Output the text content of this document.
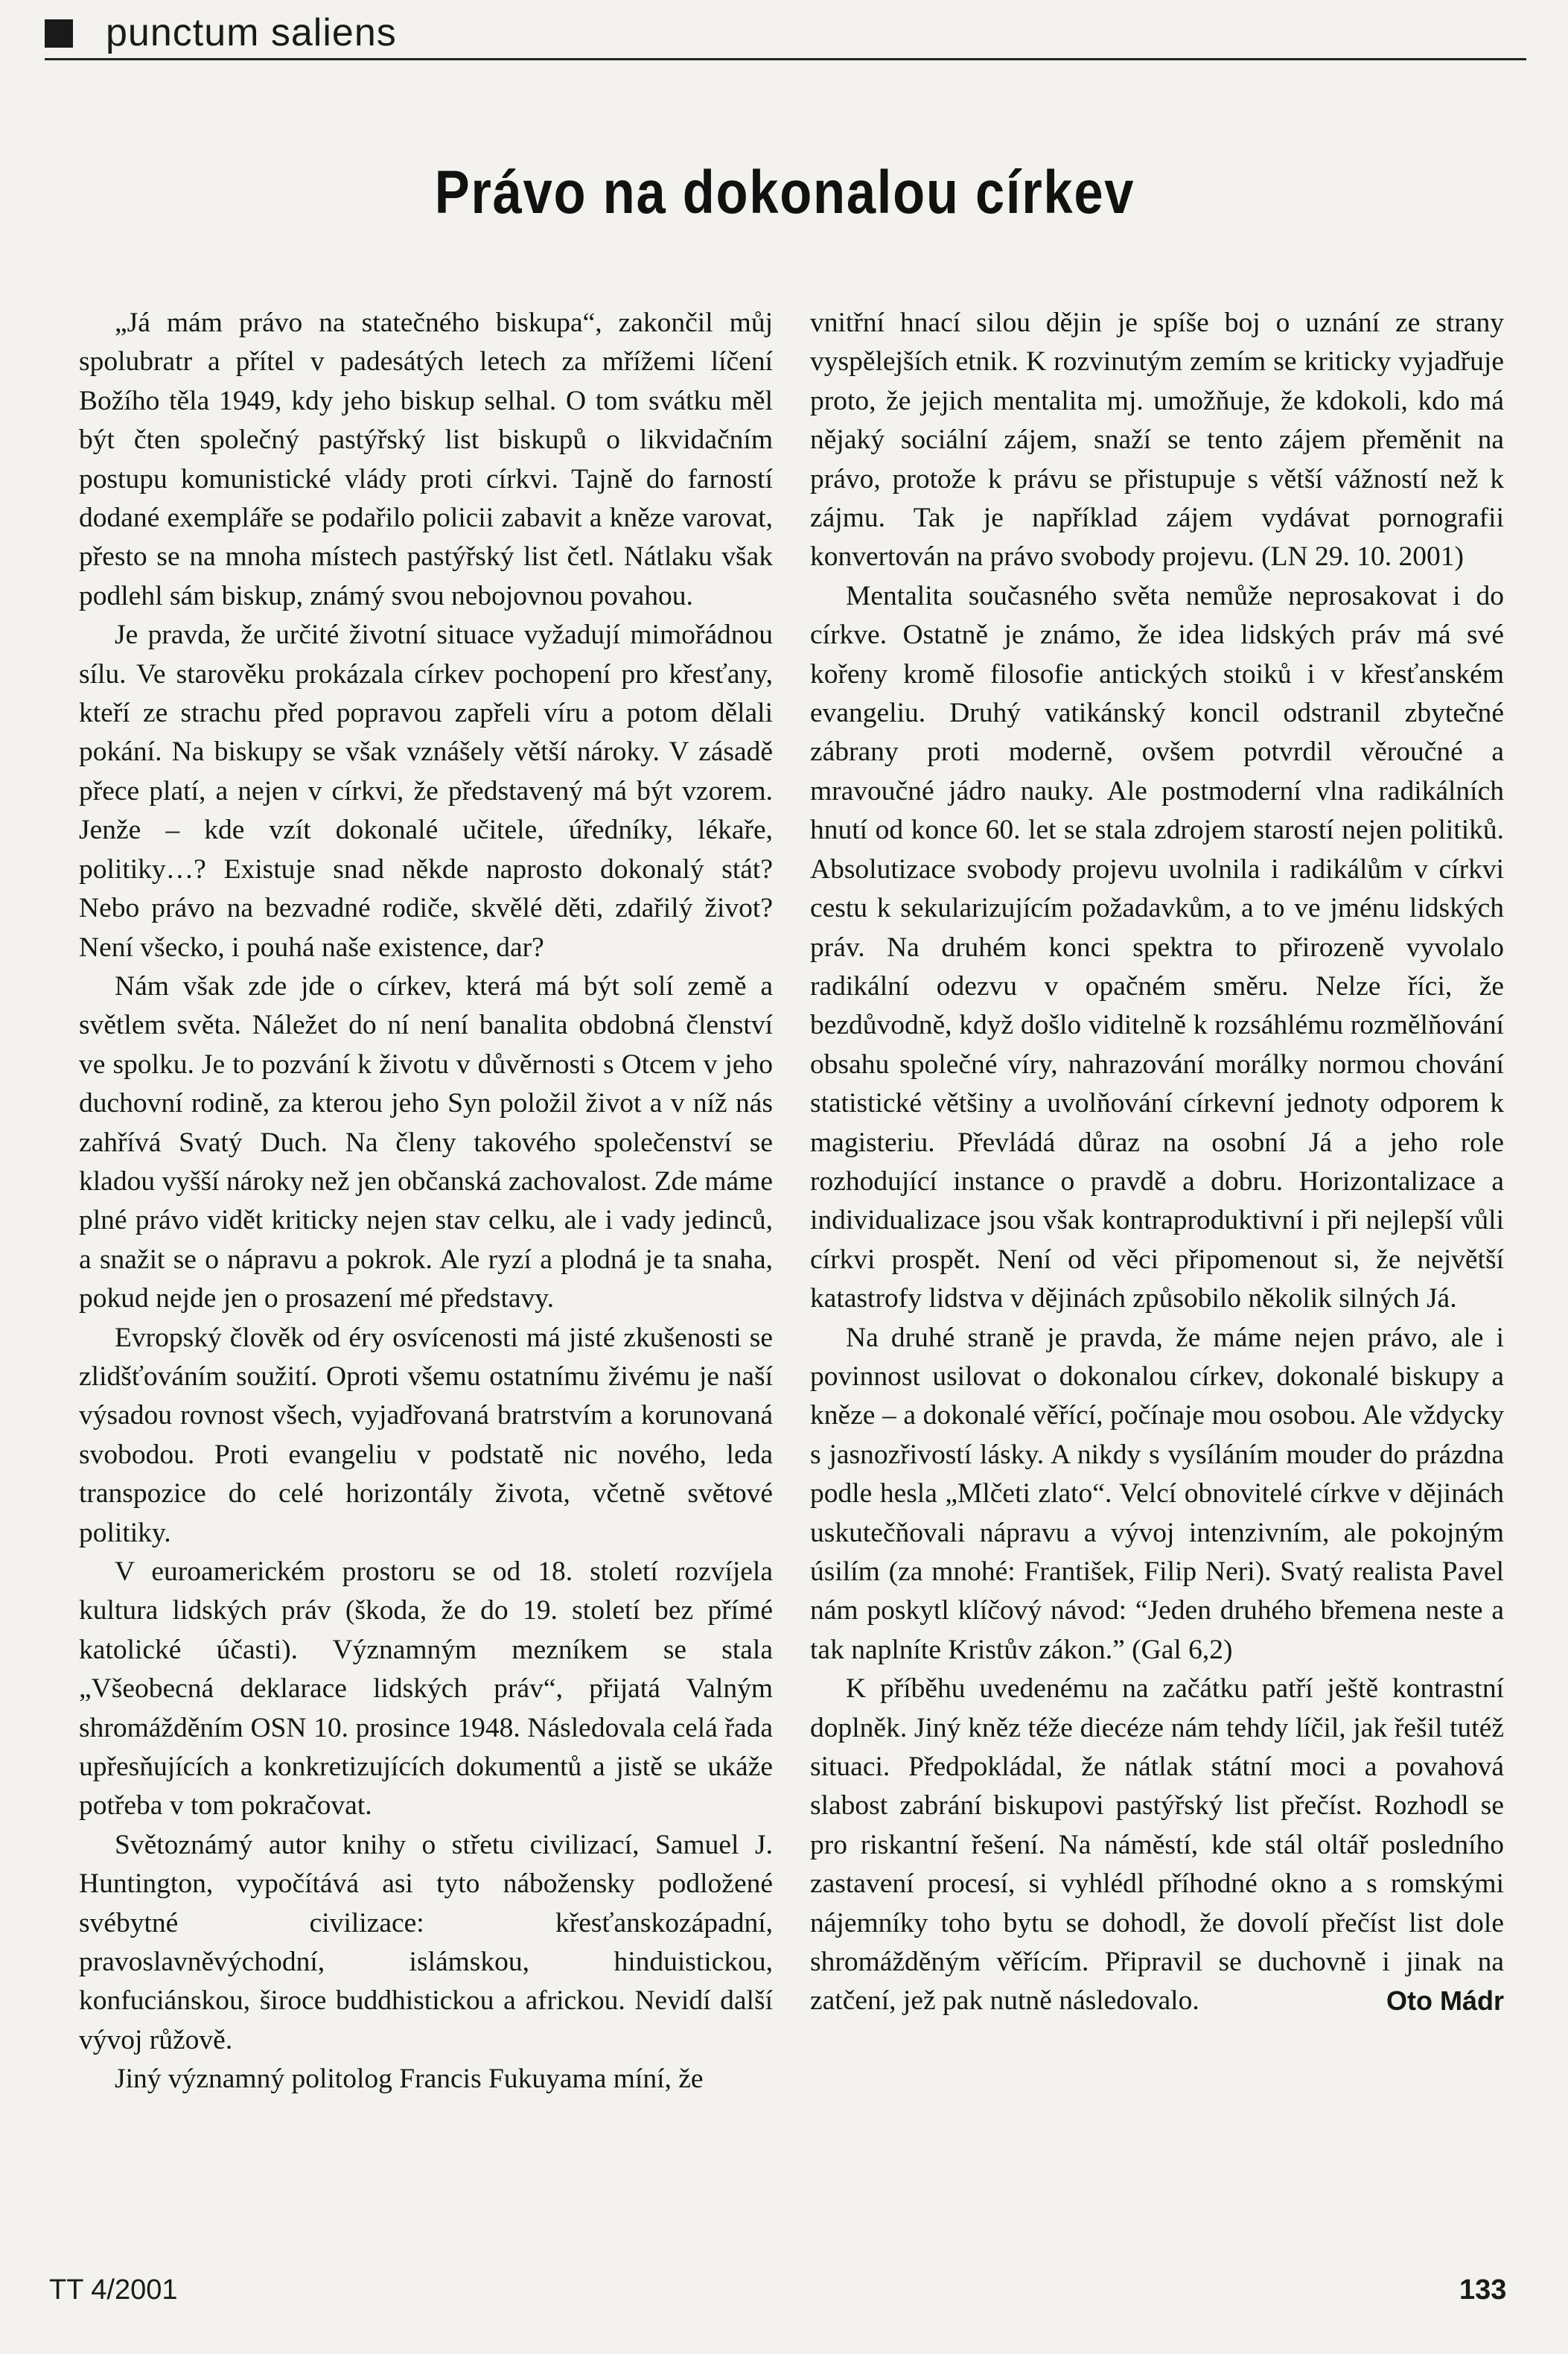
punctum saliens
Právo na dokonalou církev

„Já mám právo na statečného biskupa“, zakončil můj spolubratr a přítel v padesátých letech za mřížemi líčení Božího těla 1949, kdy jeho biskup selhal. O tom svátku měl být čten společný pastýřský list biskupů o likvidačním postupu komunistické vlády proti církvi. Tajně do farností dodané exempláře se podařilo policii zabavit a kněze varovat, přesto se na mnoha místech pastýřský list četl. Nátlaku však podlehl sám biskup, známý svou nebojovnou povahou.

Je pravda, že určité životní situace vyžadují mimořádnou sílu. Ve starověku prokázala církev pochopení pro křesťany, kteří ze strachu před popravou zapřeli víru a potom dělali pokání. Na biskupy se však vznášely větší nároky. V zásadě přece platí, a nejen v církvi, že představený má být vzorem. Jenže – kde vzít dokonalé učitele, úředníky, lékaře, politiky…? Existuje snad někde naprosto dokonalý stát? Nebo právo na bezvadné rodiče, skvělé děti, zdařilý život? Není všecko, i pouhá naše existence, dar?

Nám však zde jde o církev, která má být solí země a světlem světa. Náležet do ní není banalita obdobná členství ve spolku. Je to pozvání k životu v důvěrnosti s Otcem v jeho duchovní rodině, za kterou jeho Syn položil život a v níž nás zahřívá Svatý Duch. Na členy takového společenství se kladou vyšší nároky než jen občanská zachovalost. Zde máme plné právo vidět kriticky nejen stav celku, ale i vady jedinců, a snažit se o nápravu a pokrok. Ale ryzí a plodná je ta snaha, pokud nejde jen o prosazení mé představy.

Evropský člověk od éry osvícenosti má jisté zkušenosti se zlidšťováním soužití. Oproti všemu ostatnímu živému je naší výsadou rovnost všech, vyjadřovaná bratrstvím a korunovaná svobodou. Proti evangeliu v podstatě nic nového, leda transpozice do celé horizontály života, včetně světové politiky.

V euroamerickém prostoru se od 18. století rozvíjela kultura lidských práv (škoda, že do 19. století bez přímé katolické účasti). Významným mezníkem se stala „Všeobecná deklarace lidských práv“, přijatá Valným shromážděním OSN 10. prosince 1948. Následovala celá řada upřesňujících a konkretizujících dokumentů a jistě se ukáže potřeba v tom pokračovat.

Světoznámý autor knihy o střetu civilizací, Samuel J. Huntington, vypočítává asi tyto nábožensky podložené svébytné civilizace: křesťanskozápadní, pravoslavněvýchodní, islámskou, hinduistickou, konfuciánskou, široce buddhistickou a africkou. Nevidí další vývoj růžově.

Jiný významný politolog Francis Fukuyama míní, že

vnitřní hnací silou dějin je spíše boj o uznání ze strany vyspělejších etnik. K rozvinutým zemím se kriticky vyjadřuje proto, že jejich mentalita mj. umožňuje, že kdokoli, kdo má nějaký sociální zájem, snaží se tento zájem přeměnit na právo, protože k právu se přistupuje s větší vážností než k zájmu. Tak je například zájem vydávat pornografii konvertován na právo svobody projevu. (LN 29. 10. 2001)

Mentalita současného světa nemůže neprosakovat i do církve. Ostatně je známo, že idea lidských práv má své kořeny kromě filosofie antických stoiků i v křesťanském evangeliu. Druhý vatikánský koncil odstranil zbytečné zábrany proti moderně, ovšem potvrdil věroučné a mravoučné jádro nauky. Ale postmoderní vlna radikálních hnutí od konce 60. let se stala zdrojem starostí nejen politiků. Absolutizace svobody projevu uvolnila i radikálům v církvi cestu k sekularizujícím požadavkům, a to ve jménu lidských práv. Na druhém konci spektra to přirozeně vyvolalo radikální odezvu v opačném směru. Nelze říci, že bezdůvodně, když došlo viditelně k rozsáhlému rozmělňování obsahu společné víry, nahrazování morálky normou chování statistické většiny a uvolňování církevní jednoty odporem k magisteriu. Převládá důraz na osobní Já a jeho role rozhodující instance o pravdě a dobru. Horizontalizace a individualizace jsou však kontraproduktivní i při nejlepší vůli církvi prospět. Není od věci připomenout si, že největší katastrofy lidstva v dějinách způsobilo několik silných Já.

Na druhé straně je pravda, že máme nejen právo, ale i povinnost usilovat o dokonalou církev, dokonalé biskupy a kněze – a dokonalé věřící, počínaje mou osobou. Ale vždycky s jasnozřivostí lásky. A nikdy s vysíláním mouder do prázdna podle hesla „Mlčeti zlato“. Velcí obnovitelé církve v dějinách uskutečňovali nápravu a vývoj intenzivním, ale pokojným úsilím (za mnohé: František, Filip Neri). Svatý realista Pavel nám poskytl klíčový návod: “Jeden druhého břemena neste a tak naplníte Kristův zákon.” (Gal 6,2)

K příběhu uvedenému na začátku patří ještě kontrastní doplněk. Jiný kněz téže diecéze nám tehdy líčil, jak řešil tutéž situaci. Předpokládal, že nátlak státní moci a povahová slabost zabrání biskupovi pastýřský list přečíst. Rozhodl se pro riskantní řešení. Na náměstí, kde stál oltář posledního zastavení procesí, si vyhlédl příhodné okno a s romskými nájemníky toho bytu se dohodl, že dovolí přečíst list dole shromážděným věřícím. Připravil se duchovně i jinak na zatčení, jež pak nutně následovalo.	Oto Mádr

TT 4/2001	133
